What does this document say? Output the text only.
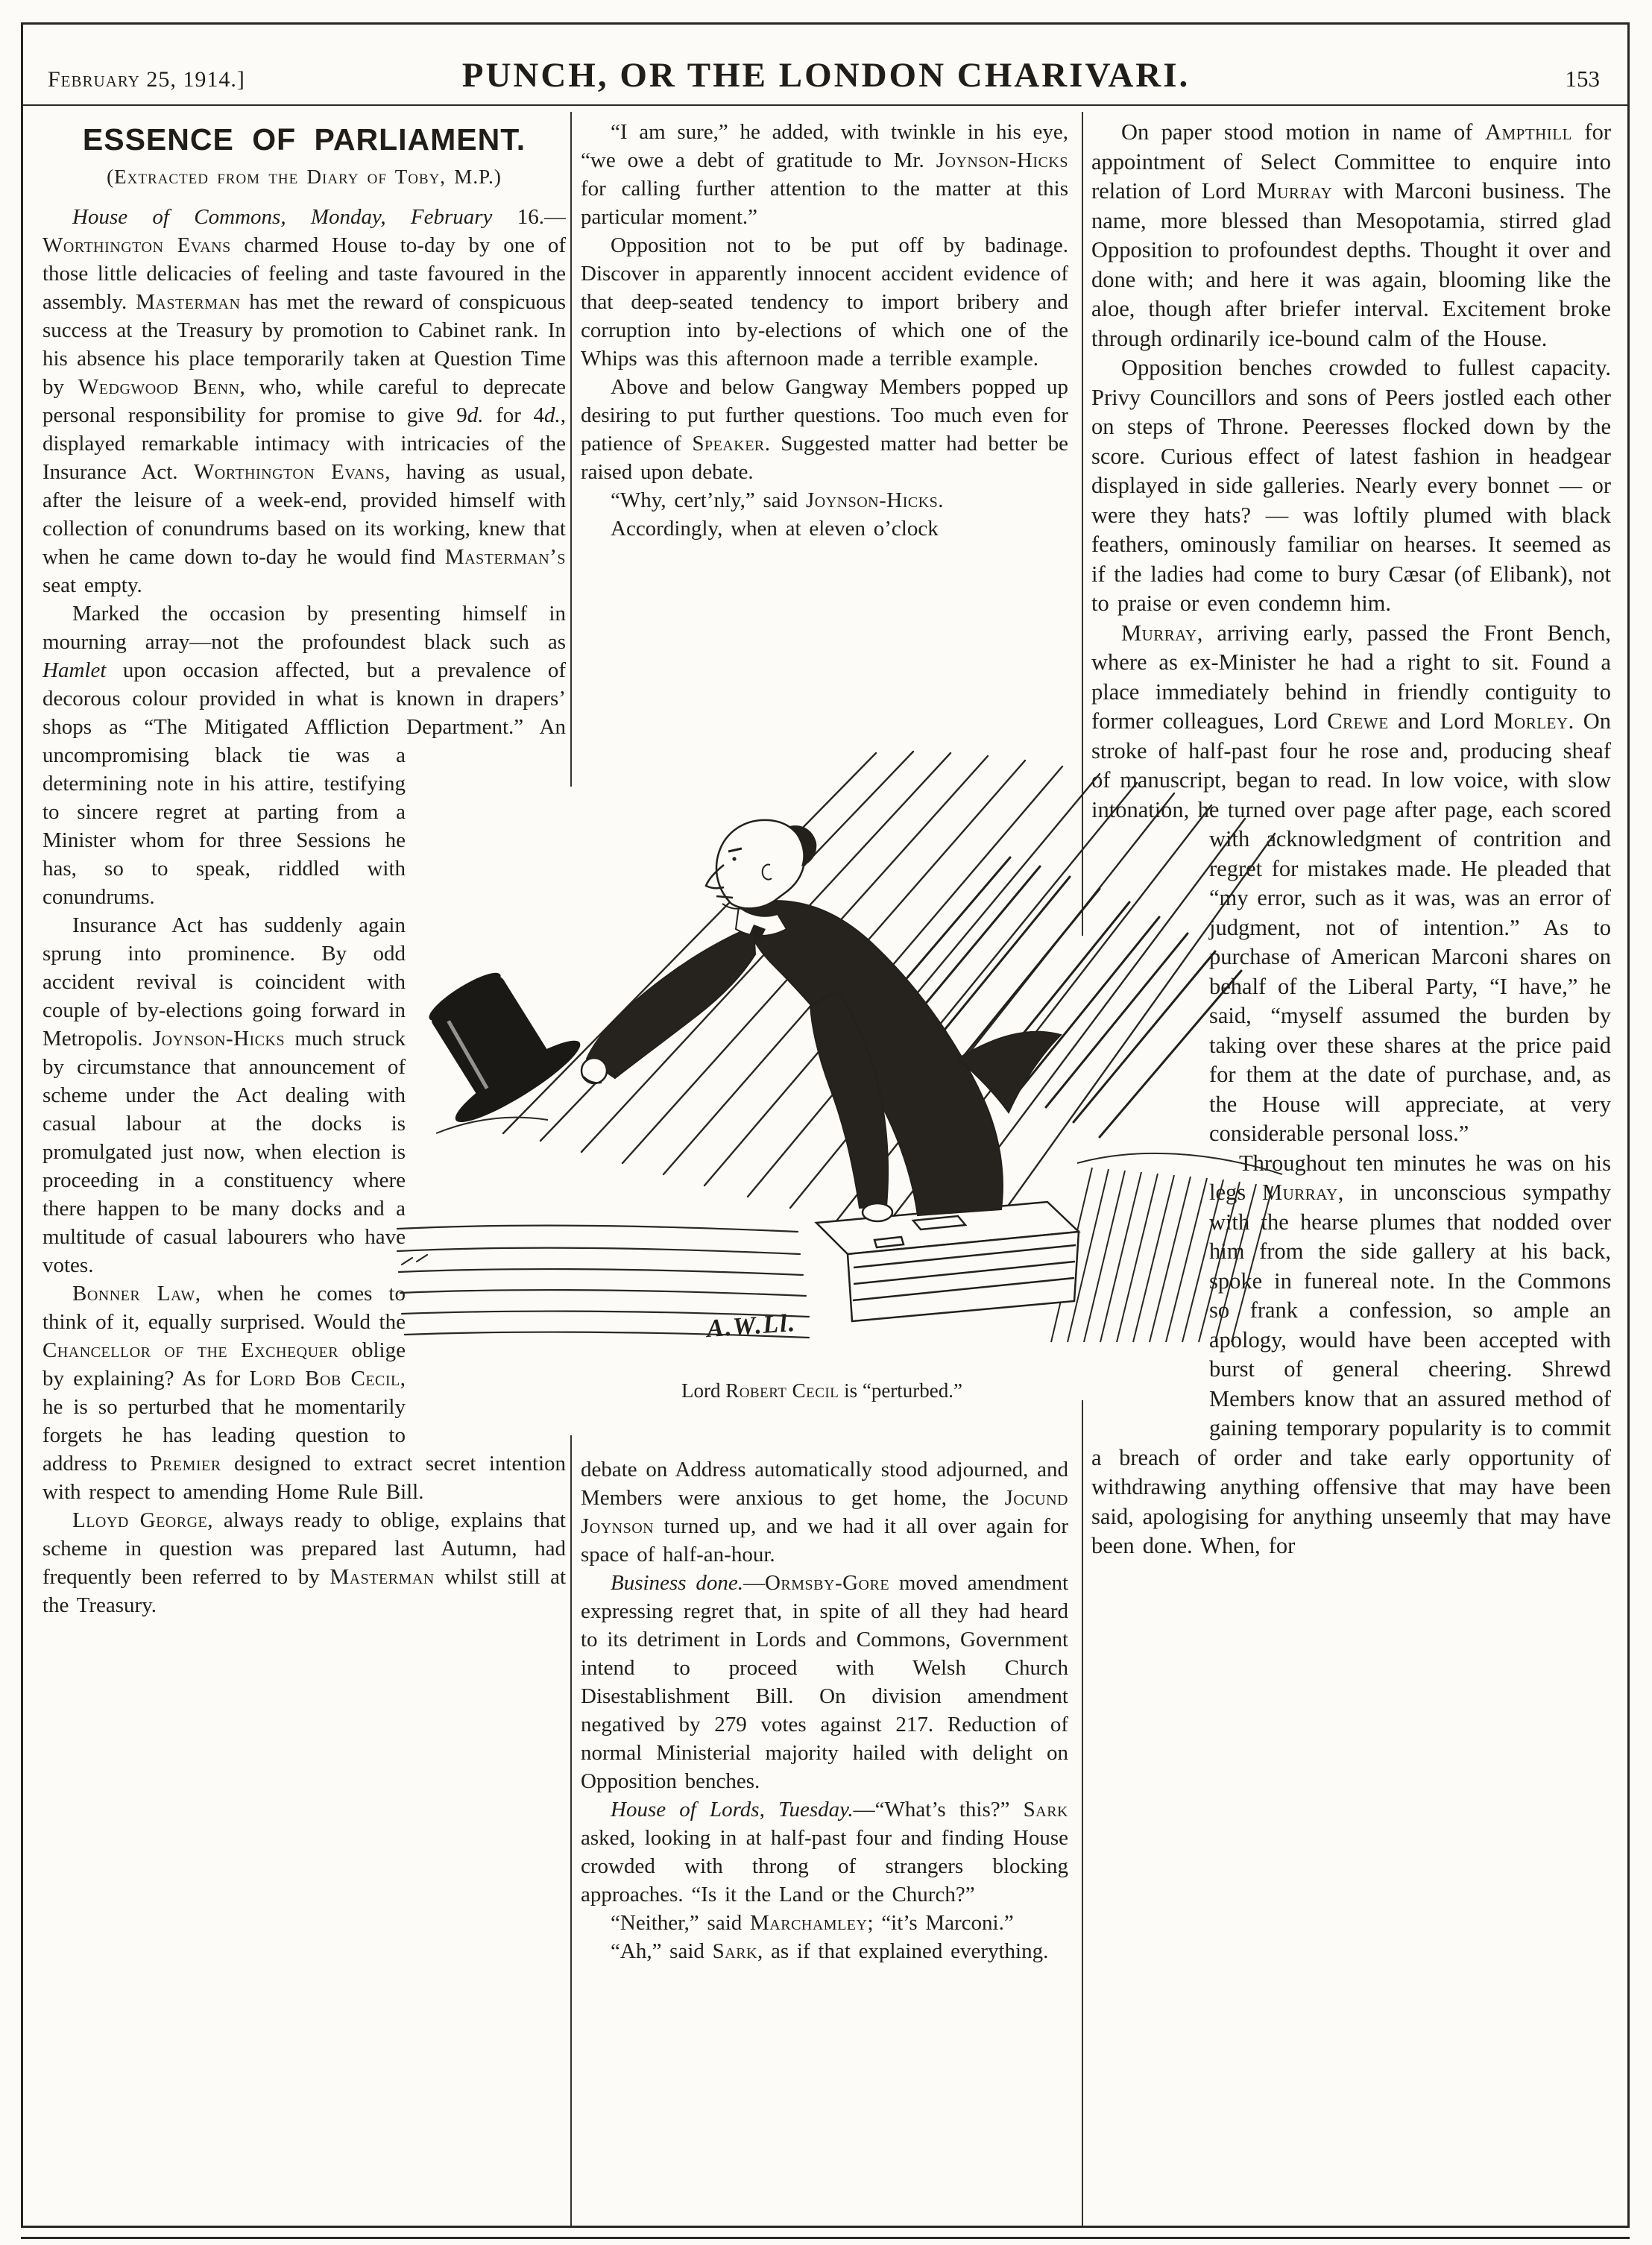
February 25, 1914.]	PUNCH, OR THE LONDON CHARIVARI.	153
ESSENCE OF PARLIAMENT.
(Extracted from the Diary of Toby, M.P.)

House of Commons, Monday, February 16.—Worthington Evans charmed House to-day by one of those little delicacies of feeling and taste favoured in the assembly. Masterman has met the reward of conspicuous success at the Treasury by promotion to Cabinet rank. In his absence his place temporarily taken at Question Time by Wedgwood Benn, who, while careful to deprecate personal responsibility for promise to give 9d. for 4d., displayed remarkable intimacy with intricacies of the Insurance Act. Worthington Evans, having as usual, after the leisure of a week-end, provided himself with collection of conundrums based on its working, knew that when he came down to-day he would find Masterman’s seat empty.

Marked the occasion by presenting himself in mourning array—not the profoundest black such as Hamlet upon occasion affected, but a prevalence of decorous colour provided in what is known in drapers’ shops as “The Mitigated Affliction Department.” An uncompromising black tie was a determining note in his attire, testifying to sincere regret at parting from a Minister whom for three Sessions he has, so to speak, riddled with conundrums.

Insurance Act has suddenly again sprung into prominence. By odd accident revival is coincident with couple of by-elections going forward in Metropolis. Joynson-Hicks much struck by circumstance that announcement of scheme under the Act dealing with casual labour at the docks is promulgated just now, when election is proceeding in a constituency where there happen to be many docks and a multitude of casual labourers who have votes.

Bonner Law, when he comes to think of it, equally surprised. Would the Chancellor of the Exchequer oblige by explaining? As for Lord Bob Cecil, he is so perturbed that he momentarily forgets he has leading question to address to Premier designed to extract secret intention with respect to amending Home Rule Bill.

Lloyd George, always ready to oblige, explains that scheme in question was prepared last Autumn, had frequently been referred to by Masterman whilst still at the Treasury.

“I am sure,” he added, with twinkle in his eye, “we owe a debt of gratitude to Mr. Joynson-Hicks for calling further attention to the matter at this particular moment.”

Opposition not to be put off by badinage. Discover in apparently innocent accident evidence of that deep-seated tendency to import bribery and corruption into by-elections of which one of the Whips was this afternoon made a terrible example.

Above and below Gangway Members popped up desiring to put further questions. Too much even for patience of Speaker. Suggested matter had better be raised upon debate.

“Why, cert’nly,” said Joynson-Hicks.

Accordingly, when at eleven o’clock

debate on Address automatically stood adjourned, and Members were anxious to get home, the Jocund Joynson turned up, and we had it all over again for space of half-an-hour.

Business done.—Ormsby-Gore moved amendment expressing regret that, in spite of all they had heard to its detriment in Lords and Commons, Government intend to proceed with Welsh Church Disestablishment Bill. On division amendment negatived by 279 votes against 217. Reduction of normal Ministerial majority hailed with delight on Opposition benches.

House of Lords, Tuesday.—“What’s this?” Sark asked, looking in at half-past four and finding House crowded with throng of strangers blocking approaches. “Is it the Land or the Church?”

“Neither,” said Marchamley; “it’s Marconi.”

“Ah,” said Sark, as if that explained everything.

On paper stood motion in name of Ampthill for appointment of Select Committee to enquire into relation of Lord Murray with Marconi business. The name, more blessed than Mesopotamia, stirred glad Opposition to profoundest depths. Thought it over and done with; and here it was again, blooming like the aloe, though after briefer interval. Excitement broke through ordinarily ice-bound calm of the House.

Opposition benches crowded to fullest capacity. Privy Councillors and sons of Peers jostled each other on steps of Throne. Peeresses flocked down by the score. Curious effect of latest fashion in headgear displayed in side galleries. Nearly every bonnet — or were they hats? — was loftily plumed with black feathers, ominously familiar on hearses. It seemed as if the ladies had come to bury Cæsar (of Elibank), not to praise or even condemn him.

Murray, arriving early, passed the Front Bench, where as ex-Minister he had a right to sit. Found a place immediately behind in friendly contiguity to former colleagues, Lord Crewe and Lord Morley. On stroke of half-past four he rose and, producing sheaf of manuscript, began to read. In low voice, with slow intonation, he turned over page after page, each scored with acknowledgment of contrition and regret for mistakes made. He pleaded that “my error, such as it was, was an error of judgment, not of intention.” As to purchase of American Marconi shares on behalf of the Liberal Party, “I have,” he said, “myself assumed the burden by taking over these shares at the price paid for them at the date of purchase, and, as the House will appreciate, at very considerable personal loss.”

Throughout ten minutes he was on his legs Murray, in unconscious sympathy with the hearse plumes that nodded over him from the side gallery at his back, spoke in funereal note. In the Commons so frank a confession, so ample an apology, would have been accepted with burst of general cheering. Shrewd Members know that an assured method of gaining temporary popularity is to commit a breach of order and take early opportunity of withdrawing anything offensive that may have been said, apologising for anything unseemly that may have been done. When, for

A.W.Ll.
Lord Robert Cecil is “perturbed.”
